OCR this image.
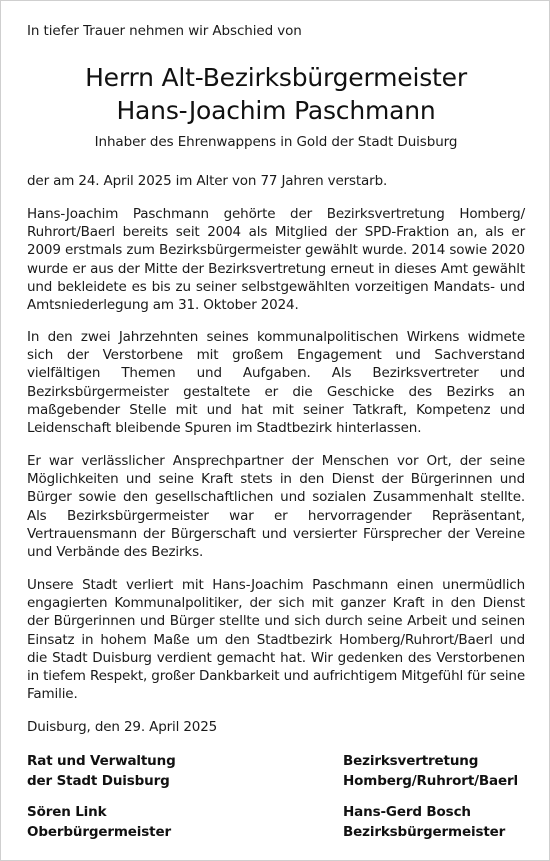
In tiefer Trauer nehmen wir Abschied von
Herrn Alt-Bezirksbürgermeister
Hans-Joachim Paschmann
Inhaber des Ehrenwappens in Gold der Stadt Duisburg
der am 24. April 2025 im Alter von 77 Jahren verstarb.
Hans-Joachim Paschmann gehörte der Bezirksvertretung Homberg/ Ruhrort/Baerl bereits seit 2004 als Mitglied der SPD-Fraktion an, als er 2009 erstmals zum Bezirksbürgermeister gewählt wurde. 2014 sowie 2020 wurde er aus der Mitte der Bezirksvertretung erneut in dieses Amt gewählt und bekleidete es bis zu seiner selbstgewählten vorzeitigen Mandats- und Amtsniederlegung am 31. Oktober 2024.
In den zwei Jahrzehnten seines kommunalpolitischen Wirkens widmete sich der Verstorbene mit großem Engagement und Sachverstand vielfältigen Themen und Aufgaben. Als Bezirksvertreter und Bezirksbürgermeister gestaltete er die Geschicke des Bezirks an maßgebender Stelle mit und hat mit seiner Tatkraft, Kompetenz und Leidenschaft bleibende Spuren im Stadtbezirk hinterlassen.
Er war verlässlicher Ansprechpartner der Menschen vor Ort, der seine Möglichkeiten und seine Kraft stets in den Dienst der Bürgerinnen und Bürger sowie den gesellschaftlichen und sozialen Zusammenhalt stellte. Als Bezirksbürgermeister war er hervorragender Repräsentant, Vertrauensmann der Bürgerschaft und versierter Fürsprecher der Vereine und Verbände des Bezirks.
Unsere Stadt verliert mit Hans-Joachim Paschmann einen unermüdlich engagierten Kommunalpolitiker, der sich mit ganzer Kraft in den Dienst der Bürgerinnen und Bürger stellte und sich durch seine Arbeit und seinen Einsatz in hohem Maße um den Stadtbezirk Homberg/Ruhrort/Baerl und die Stadt Duisburg verdient gemacht hat. Wir gedenken des Verstorbenen in tiefem Respekt, großer Dankbarkeit und aufrichtigem Mitgefühl für seine Familie.
Duisburg, den 29. April 2025
Rat und Verwaltung
der Stadt Duisburg
Bezirksvertretung
Homberg/Ruhrort/Baerl
Sören Link
Oberbürgermeister
Hans-Gerd Bosch
Bezirksbürgermeister
